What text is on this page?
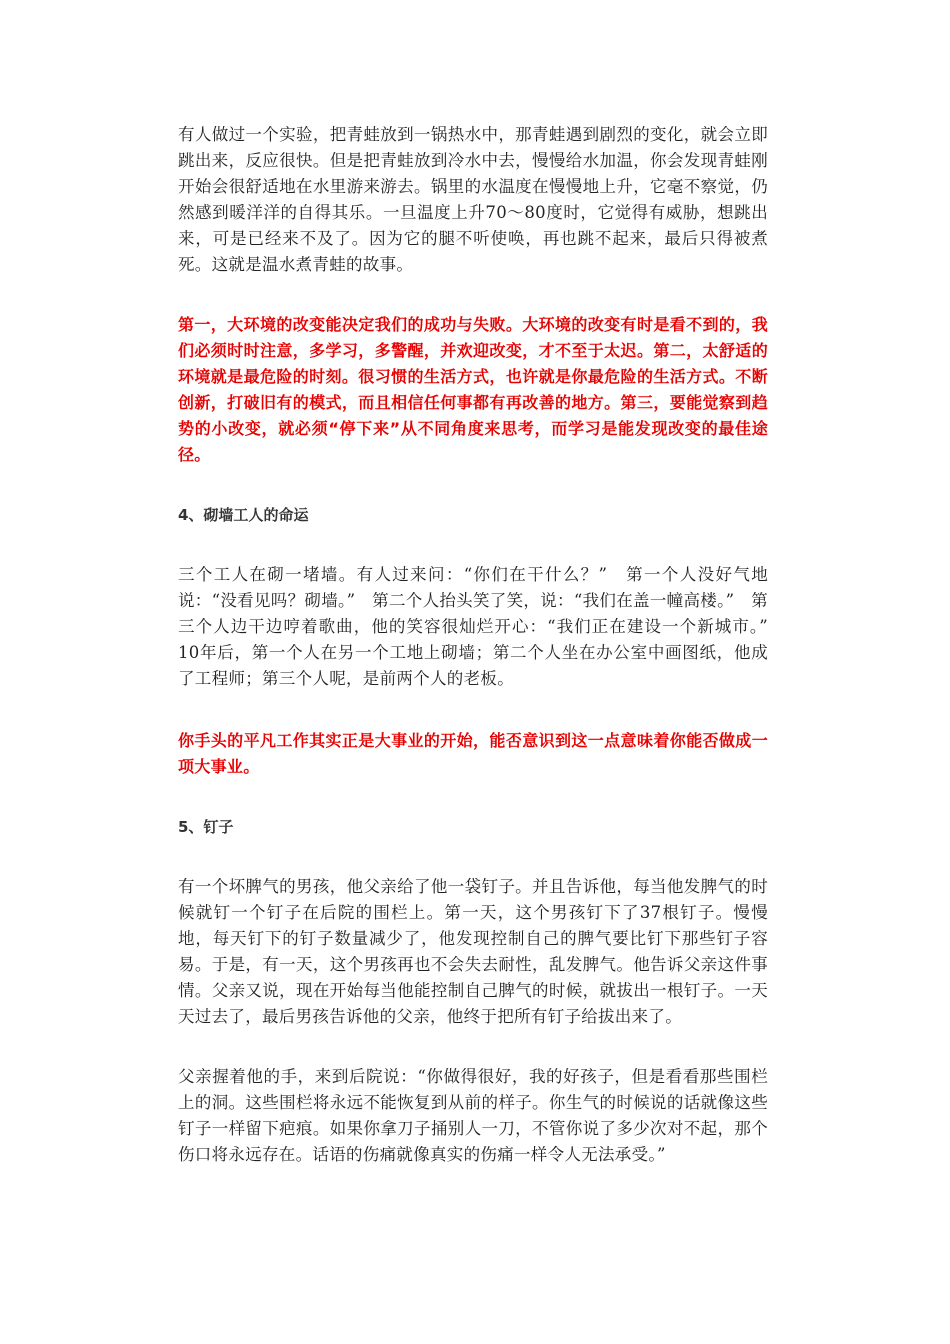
有人做过一个实验，把青蛙放到一锅热水中，那青蛙遇到剧烈的变化，就会立即跳出来，反应很快。但是把青蛙放到冷水中去，慢慢给水加温，你会发现青蛙刚开始会很舒适地在水里游来游去。锅里的水温度在慢慢地上升，它毫不察觉，仍然感到暖洋洋的自得其乐。一旦温度上升70～80度时，它觉得有威胁，想跳出来，可是已经来不及了。因为它的腿不听使唤，再也跳不起来，最后只得被煮死。这就是温水煮青蛙的故事。

第一，大环境的改变能决定我们的成功与失败。大环境的改变有时是看不到的，我们必须时时注意，多学习，多警醒，并欢迎改变，才不至于太迟。第二，太舒适的环境就是最危险的时刻。很习惯的生活方式，也许就是你最危险的生活方式。不断创新，打破旧有的模式，而且相信任何事都有再改善的地方。第三，要能觉察到趋势的小改变，就必须“停下来”从不同角度来思考，而学习是能发现改变的最佳途径。

4、砌墙工人的命运

三个工人在砌一堵墙。有人过来问：“你们在干什么？”　第一个人没好气地说：“没看见吗？砌墙。”　第二个人抬头笑了笑，说：“我们在盖一幢高楼。”　第三个人边干边哼着歌曲，他的笑容很灿烂开心：“我们正在建设一个新城市。” 10年后，第一个人在另一个工地上砌墙；第二个人坐在办公室中画图纸，他成了工程师；第三个人呢，是前两个人的老板。

你手头的平凡工作其实正是大事业的开始，能否意识到这一点意味着你能否做成一项大事业。

5、钉子

有一个坏脾气的男孩，他父亲给了他一袋钉子。并且告诉他，每当他发脾气的时候就钉一个钉子在后院的围栏上。第一天，这个男孩钉下了37根钉子。慢慢地，每天钉下的钉子数量减少了，他发现控制自己的脾气要比钉下那些钉子容易。于是，有一天，这个男孩再也不会失去耐性，乱发脾气。他告诉父亲这件事情。父亲又说，现在开始每当他能控制自己脾气的时候，就拔出一根钉子。一天天过去了，最后男孩告诉他的父亲，他终于把所有钉子给拔出来了。

父亲握着他的手，来到后院说：“你做得很好，我的好孩子，但是看看那些围栏上的洞。这些围栏将永远不能恢复到从前的样子。你生气的时候说的话就像这些钉子一样留下疤痕。如果你拿刀子捅别人一刀，不管你说了多少次对不起，那个伤口将永远存在。话语的伤痛就像真实的伤痛一样令人无法承受。”
